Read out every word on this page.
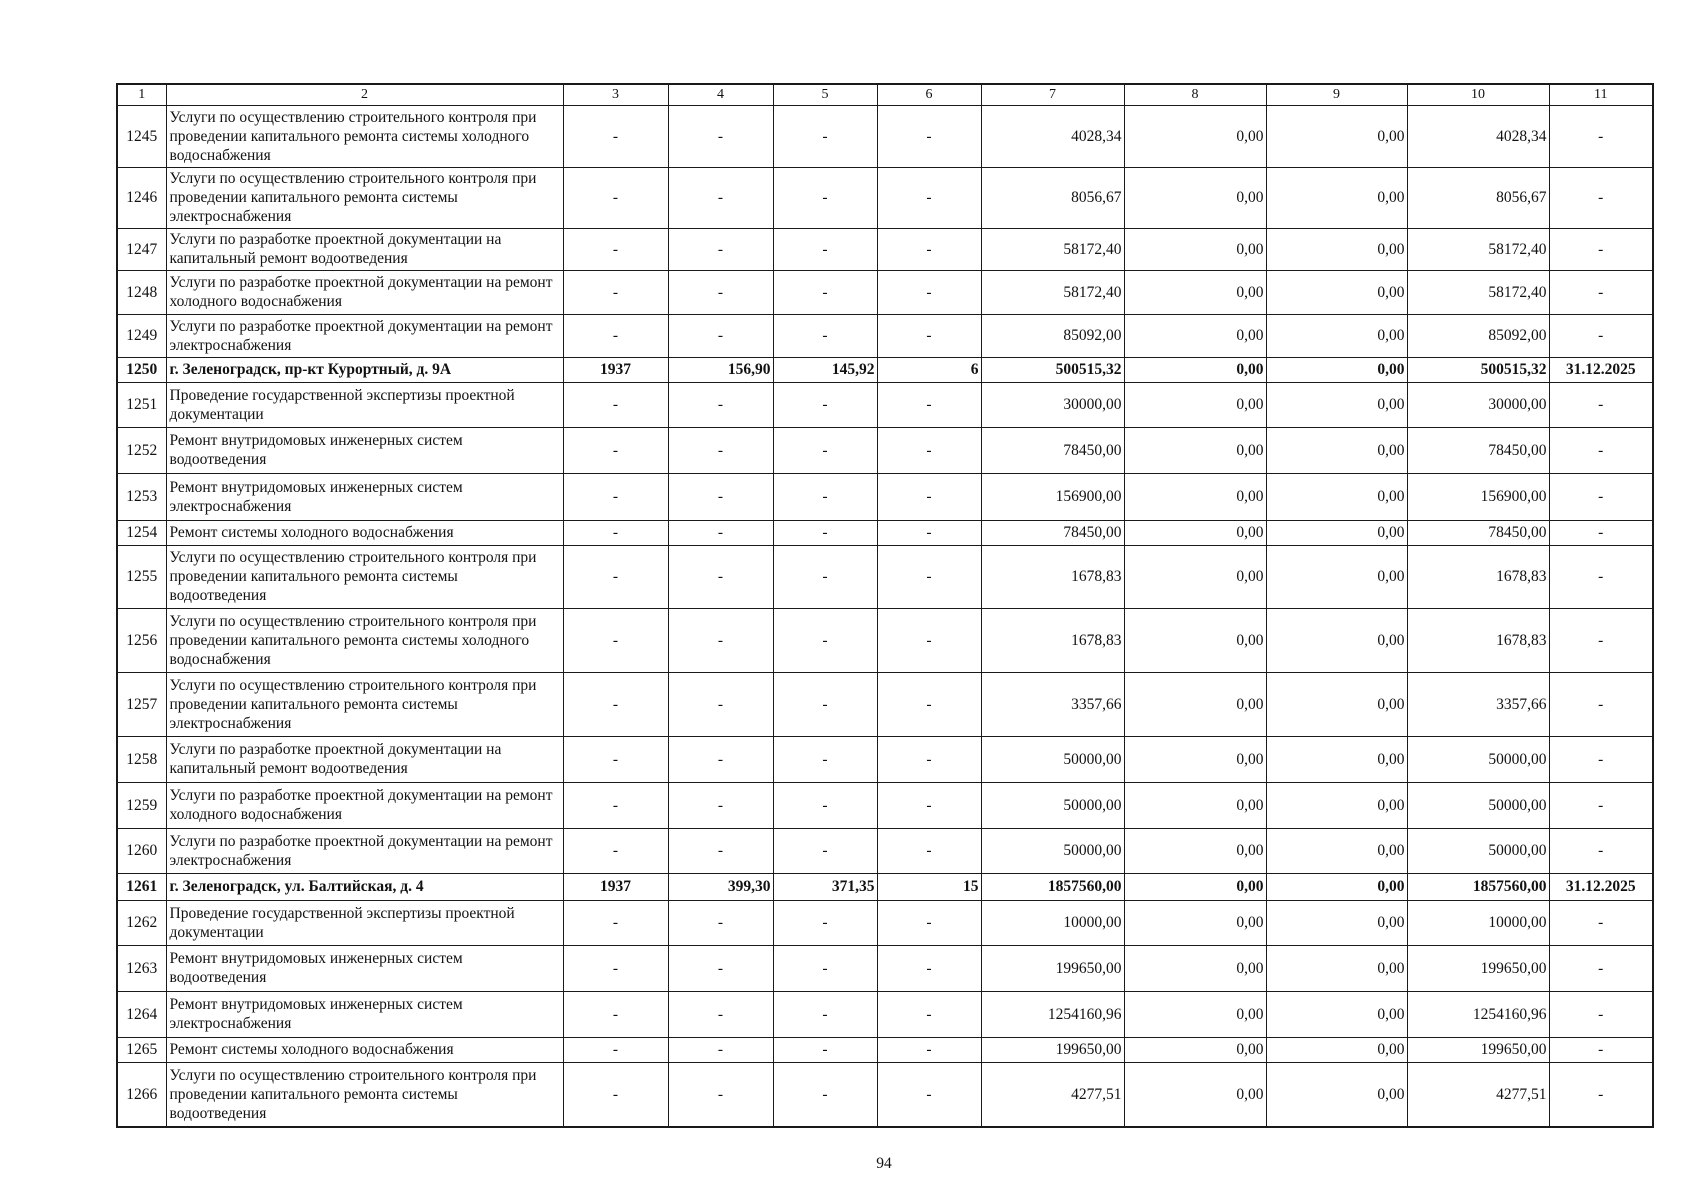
1	2	3	4	5	6	7	8	9	10	11
1245	Услуги по осуществлению строительного контроля при
проведении капитального ремонта системы холодного
водоснабжения	-	-	-	-	4028,34	0,00	0,00	4028,34	-
1246	Услуги по осуществлению строительного контроля при
проведении капитального ремонта системы
электроснабжения	-	-	-	-	8056,67	0,00	0,00	8056,67	-
1247	Услуги по разработке проектной документации на
капитальный ремонт водоотведения	-	-	-	-	58172,40	0,00	0,00	58172,40	-
1248	Услуги по разработке проектной документации на ремонт
холодного водоснабжения	-	-	-	-	58172,40	0,00	0,00	58172,40	-
1249	Услуги по разработке проектной документации на ремонт
электроснабжения	-	-	-	-	85092,00	0,00	0,00	85092,00	-
1250	г. Зеленоградск, пр-кт Курортный, д. 9А	1937	156,90	145,92	6	500515,32	0,00	0,00	500515,32	31.12.2025
1251	Проведение государственной экспертизы проектной
документации	-	-	-	-	30000,00	0,00	0,00	30000,00	-
1252	Ремонт внутридомовых инженерных систем
водоотведения	-	-	-	-	78450,00	0,00	0,00	78450,00	-
1253	Ремонт внутридомовых инженерных систем
электроснабжения	-	-	-	-	156900,00	0,00	0,00	156900,00	-
1254	Ремонт системы холодного водоснабжения	-	-	-	-	78450,00	0,00	0,00	78450,00	-
1255	Услуги по осуществлению строительного контроля при
проведении капитального ремонта системы
водоотведения	-	-	-	-	1678,83	0,00	0,00	1678,83	-
1256	Услуги по осуществлению строительного контроля при
проведении капитального ремонта системы холодного
водоснабжения	-	-	-	-	1678,83	0,00	0,00	1678,83	-
1257	Услуги по осуществлению строительного контроля при
проведении капитального ремонта системы
электроснабжения	-	-	-	-	3357,66	0,00	0,00	3357,66	-
1258	Услуги по разработке проектной документации на
капитальный ремонт водоотведения	-	-	-	-	50000,00	0,00	0,00	50000,00	-
1259	Услуги по разработке проектной документации на ремонт
холодного водоснабжения	-	-	-	-	50000,00	0,00	0,00	50000,00	-
1260	Услуги по разработке проектной документации на ремонт
электроснабжения	-	-	-	-	50000,00	0,00	0,00	50000,00	-
1261	г. Зеленоградск, ул. Балтийская, д. 4	1937	399,30	371,35	15	1857560,00	0,00	0,00	1857560,00	31.12.2025
1262	Проведение государственной экспертизы проектной
документации	-	-	-	-	10000,00	0,00	0,00	10000,00	-
1263	Ремонт внутридомовых инженерных систем
водоотведения	-	-	-	-	199650,00	0,00	0,00	199650,00	-
1264	Ремонт внутридомовых инженерных систем
электроснабжения	-	-	-	-	1254160,96	0,00	0,00	1254160,96	-
1265	Ремонт системы холодного водоснабжения	-	-	-	-	199650,00	0,00	0,00	199650,00	-
1266	Услуги по осуществлению строительного контроля при
проведении капитального ремонта системы
водоотведения	-	-	-	-	4277,51	0,00	0,00	4277,51	-
94
